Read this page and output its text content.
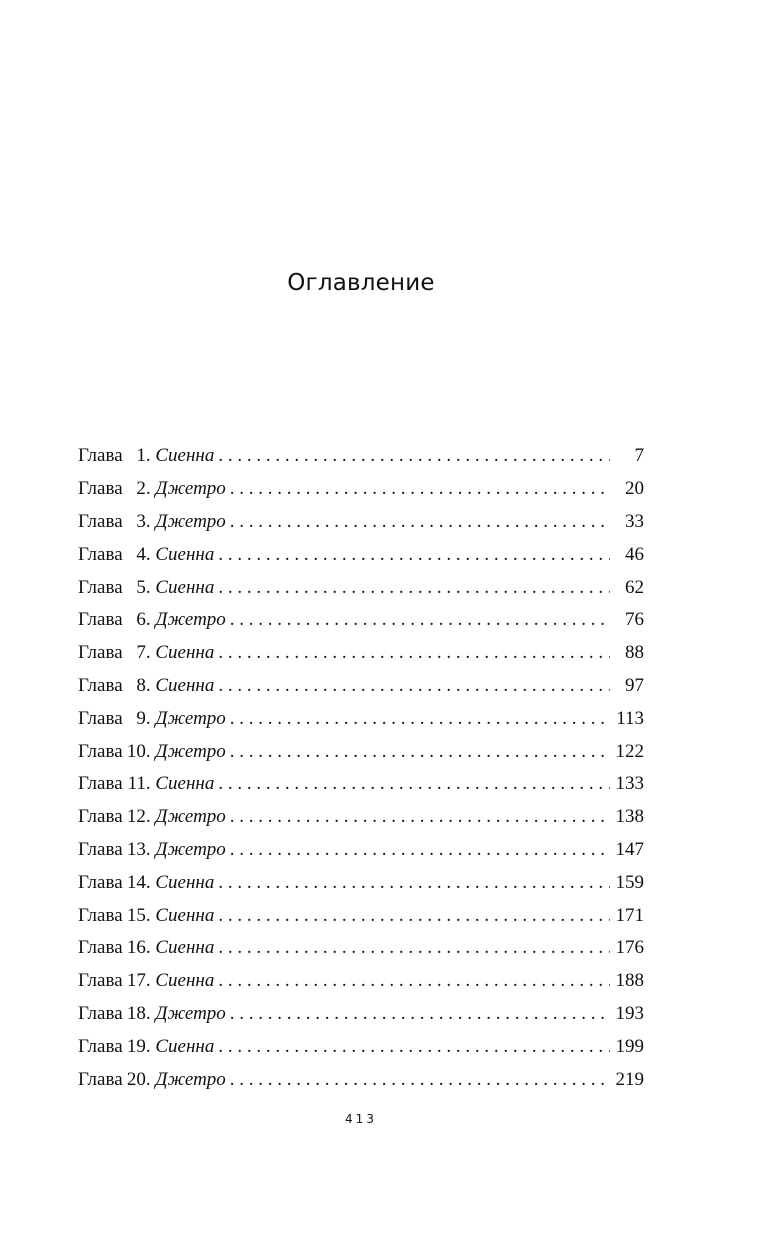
Оглавление
Глава 1. Сиенна . . .	7
Глава 2. Джетро . . .	20
Глава 3. Джетро . . .	33
Глава 4. Сиенна . . .	46
Глава 5. Сиенна . . .	62
Глава 6. Джетро . . .	76
Глава 7. Сиенна . . .	88
Глава 8. Сиенна . . .	97
Глава 9. Джетро . . .	113
Глава 10. Джетро . . .	122
Глава 11. Сиенна . . .	133
Глава 12. Джетро . . .	138
Глава 13. Джетро . . .	147
Глава 14. Сиенна . . .	159
Глава 15. Сиенна . . .	171
Глава 16. Сиенна . . .	176
Глава 17. Сиенна . . .	188
Глава 18. Джетро . . .	193
Глава 19. Сиенна . . .	199
Глава 20. Джетро . . .	219
413
